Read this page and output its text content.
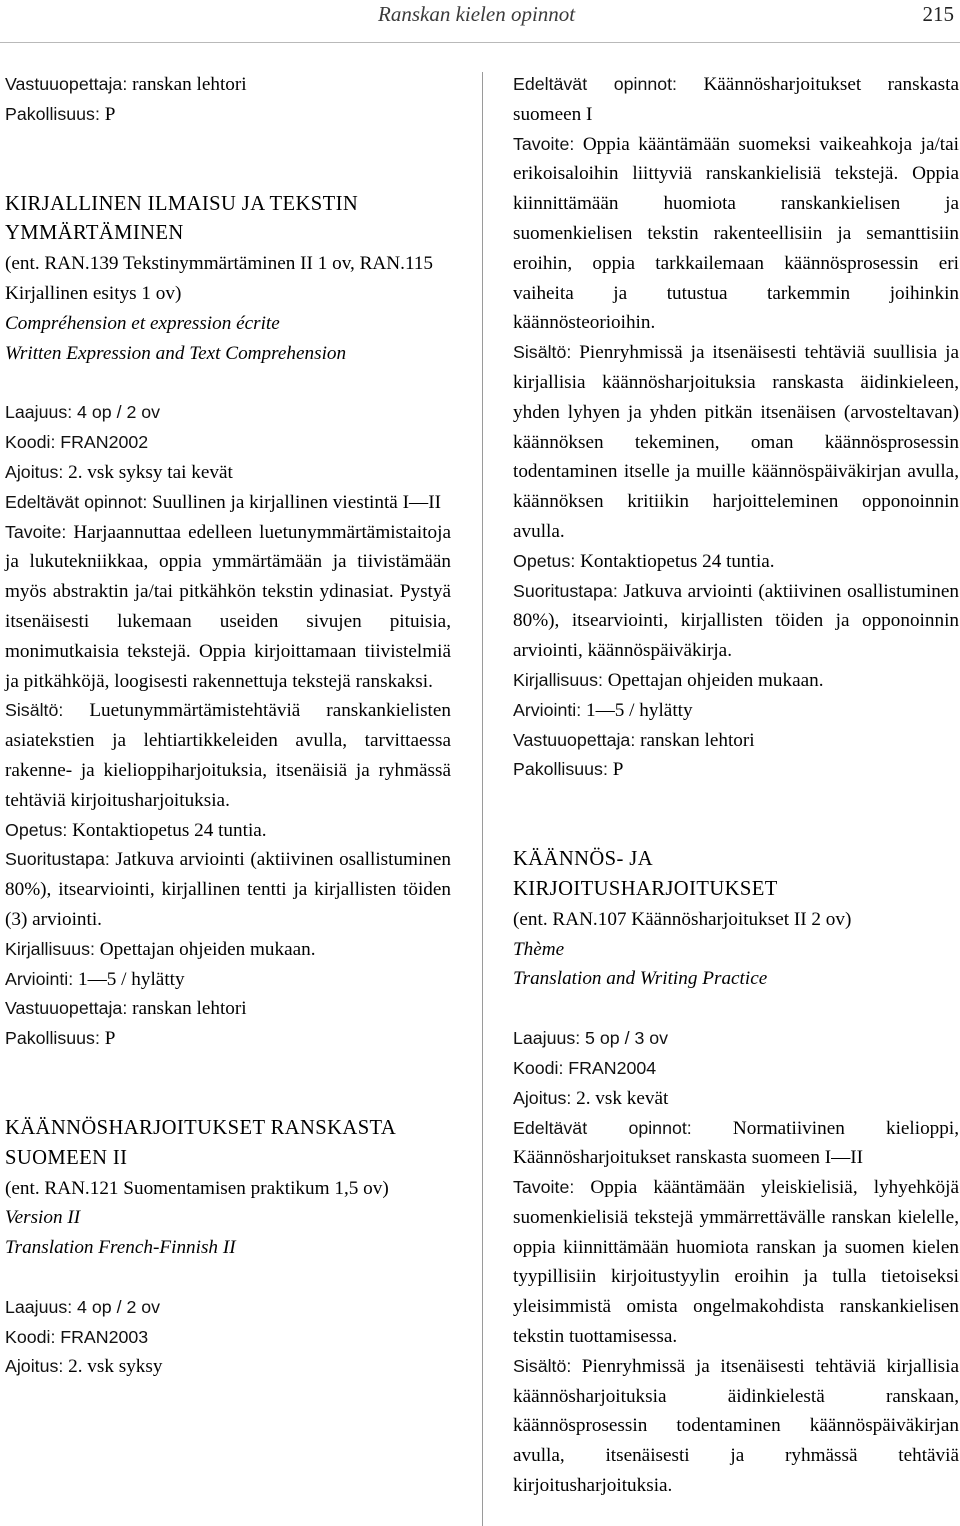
Ranskan kielen opinnot	215

Vastuuopettaja: ranskan lehtori

Pakollisuus: P

KIRJALLINEN ILMAISU JA TEKSTIN YMMÄRTÄMINEN

(ent. RAN.139 Tekstinymmärtäminen II 1 ov, RAN.115 Kirjallinen esitys 1 ov)

Compréhension et expression écrite

Written Expression and Text Comprehension

Laajuus: 4 op / 2 ov

Koodi: FRAN2002

Ajoitus: 2. vsk syksy tai kevät

Edeltävät opinnot: Suullinen ja kirjallinen viestintä I—II

Tavoite: Harjaannuttaa edelleen luetunymmärtämistaitoja ja lukutekniikkaa, oppia ymmärtämään ja tiivistämään myös abstraktin ja/tai pitkähkön tekstin ydinasiat. Pystyä itsenäisesti lukemaan useiden sivujen pituisia, monimutkaisia tekstejä. Oppia kirjoittamaan tiivistelmiä ja pitkähköjä, loogisesti rakennettuja tekstejä ranskaksi.

Sisältö: Luetunymmärtämistehtäviä ranskankielisten asiatekstien ja lehtiartikkeleiden avulla, tarvittaessa rakenne- ja kielioppiharjoituksia, itsenäisiä ja ryhmässä tehtäviä kirjoitusharjoituksia.

Opetus: Kontaktiopetus 24 tuntia.

Suoritustapa: Jatkuva arviointi (aktiivinen osallistuminen 80%), itsearviointi, kirjallinen tentti ja kirjallisten töiden (3) arviointi.

Kirjallisuus: Opettajan ohjeiden mukaan.

Arviointi: 1—5 / hylätty

Vastuuopettaja: ranskan lehtori

Pakollisuus: P

KÄÄNNÖSHARJOITUKSET RANSKASTA SUOMEEN II

(ent. RAN.121 Suomentamisen praktikum 1,5 ov)

Version II

Translation French-Finnish II

Laajuus: 4 op / 2 ov

Koodi: FRAN2003

Ajoitus: 2. vsk syksy

Edeltävät opinnot: Käännösharjoitukset ranskasta suomeen I

Tavoite: Oppia kääntämään suomeksi vaikeahkoja ja/tai erikoisaloihin liittyviä ranskankielisiä tekstejä. Oppia kiinnittämään huomiota ranskankielisen ja suomenkielisen tekstin rakenteellisiin ja semanttisiin eroihin, oppia tarkkailemaan käännösprosessin eri vaiheita ja tutustua tarkemmin joihinkin käännösteorioihin.

Sisältö: Pienryhmissä ja itsenäisesti tehtäviä suullisia ja kirjallisia käännösharjoituksia ranskasta äidinkieleen, yhden lyhyen ja yhden pitkän itsenäisen (arvosteltavan) käännöksen tekeminen, oman käännösprosessin todentaminen itselle ja muille käännöspäiväkirjan avulla, käännöksen kritiikin harjoitteleminen opponoinnin avulla.

Opetus: Kontaktiopetus 24 tuntia.

Suoritustapa: Jatkuva arviointi (aktiivinen osallistuminen 80%), itsearviointi, kirjallisten töiden ja opponoinnin arviointi, käännöspäiväkirja.

Kirjallisuus: Opettajan ohjeiden mukaan.

Arviointi: 1—5 / hylätty

Vastuuopettaja: ranskan lehtori

Pakollisuus: P

KÄÄNNÖS- JA KIRJOITUSHARJOITUKSET

(ent. RAN.107 Käännösharjoitukset II 2 ov)

Thème

Translation and Writing Practice

Laajuus: 5 op / 3 ov

Koodi: FRAN2004

Ajoitus: 2. vsk kevät

Edeltävät opinnot: Normatiivinen kielioppi, Käännösharjoitukset ranskasta suomeen I—II

Tavoite: Oppia kääntämään yleiskielisiä, lyhyehköjä suomenkielisiä tekstejä ymmärrettävälle ranskan kielelle, oppia kiinnittämään huomiota ranskan ja suomen kielen tyypillisiin kirjoitustyylin eroihin ja tulla tietoiseksi yleisimmistä omista ongelmakohdista ranskankielisen tekstin tuottamisessa.

Sisältö: Pienryhmissä ja itsenäisesti tehtäviä kirjallisia käännösharjoituksia äidinkielestä ranskaan, käännösprosessin todentaminen käännöspäiväkirjan avulla, itsenäisesti ja ryhmässä tehtäviä kirjoitusharjoituksia.
